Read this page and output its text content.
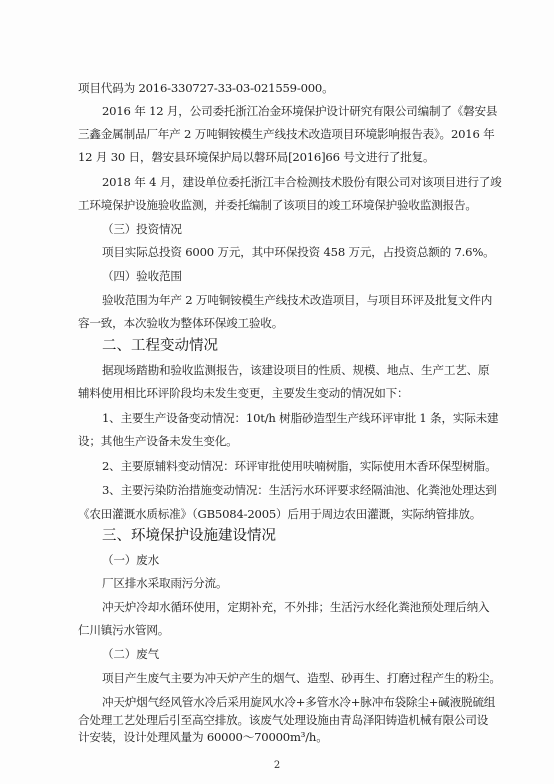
项目代码为 2016-330727-33-03-021559-000。
2016 年 12 月，公司委托浙江冶金环境保护设计研究有限公司编制了《磐安县
三鑫金属制品厂年产 2 万吨铜铵模生产线技术改造项目环境影响报告表》。2016 年
12 月 30 日，磐安县环境保护局以磐环局[2016]66 号文进行了批复。
2018 年 4 月，建设单位委托浙江丰合检测技术股份有限公司对该项目进行了竣
工环境保护设施验收监测，并委托编制了该项目的竣工环境保护验收监测报告。
（三）投资情况
项目实际总投资 6000 万元，其中环保投资 458 万元，占投资总额的 7.6%。
（四）验收范围
验收范围为年产 2 万吨铜铵模生产线技术改造项目，与项目环评及批复文件内
容一致，本次验收为整体环保竣工验收。
二、工程变动情况
据现场踏勘和验收监测报告，该建设项目的性质、规模、地点、生产工艺、原
辅料使用相比环评阶段均未发生变更，主要发生变动的情况如下：
1、主要生产设备变动情况：10t/h 树脂砂造型生产线环评审批 1 条，实际未建
设；其他生产设备未发生变化。
2、主要原辅料变动情况：环评审批使用呋喃树脂，实际使用木香环保型树脂。
3、主要污染防治措施变动情况：生活污水环评要求经隔油池、化粪池处理达到
《农田灌溉水质标准》（GB5084-2005）后用于周边农田灌溉，实际纳管排放。
三、环境保护设施建设情况
（一）废水
厂区排水采取雨污分流。
冲天炉冷却水循环使用，定期补充，不外排；生活污水经化粪池预处理后纳入
仁川镇污水管网。
（二）废气
项目产生废气主要为冲天炉产生的烟气、造型、砂再生、打磨过程产生的粉尘。
冲天炉烟气经风管水冷后采用旋风水冷+多管水冷+脉冲布袋除尘+碱液脱硫组
合处理工艺处理后引至高空排放。该废气处理设施由青岛泽阳铸造机械有限公司设
计安装，设计处理风量为 60000～70000m³/h。
2
